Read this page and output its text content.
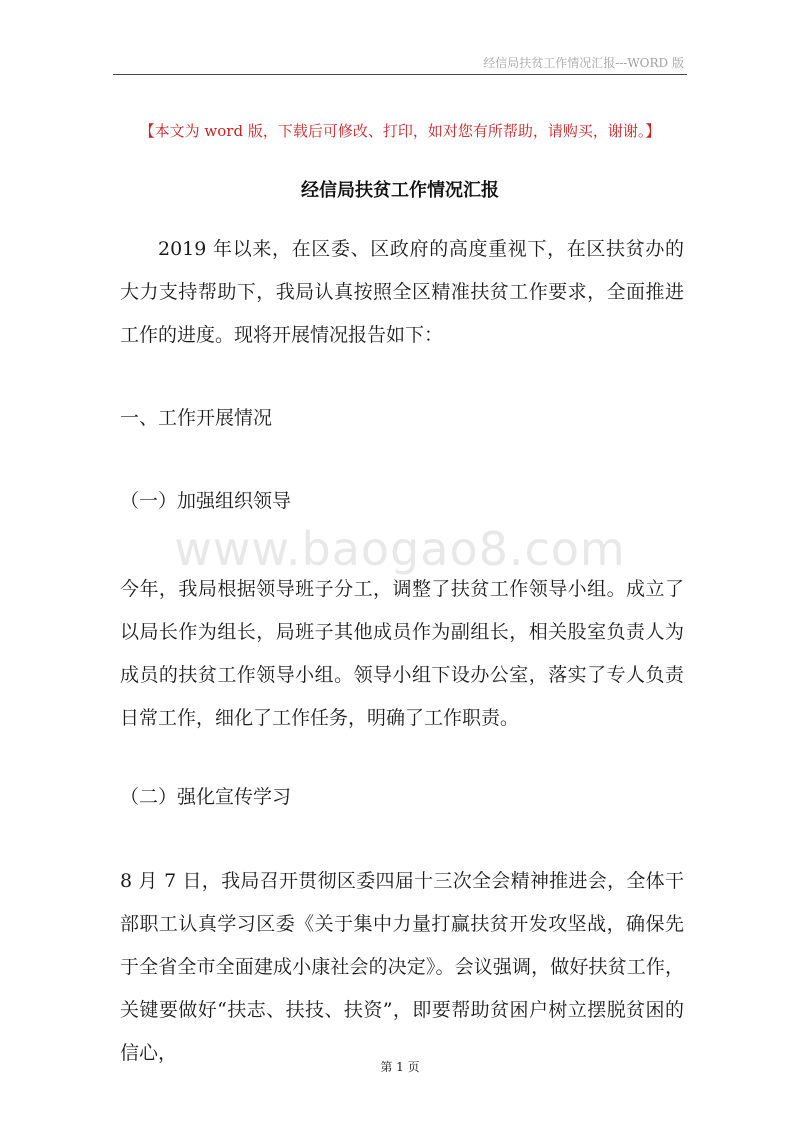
经信局扶贫工作情况汇报---WORD 版
【本文为 word 版，下载后可修改、打印，如对您有所帮助，请购买，谢谢。】
经信局扶贫工作情况汇报

2019 年以来，在区委、区政府的高度重视下，在区扶贫办的大力支持帮助下，我局认真按照全区精准扶贫工作要求，全面推进工作的进度。现将开展情况报告如下：

一、工作开展情况
（一）加强组织领导
www.baogao8.com

今年，我局根据领导班子分工，调整了扶贫工作领导小组。成立了以局长作为组长，局班子其他成员作为副组长，相关股室负责人为成员的扶贫工作领导小组。领导小组下设办公室，落实了专人负责日常工作，细化了工作任务，明确了工作职责。

（二）强化宣传学习

8 月 7 日，我局召开贯彻区委四届十三次全会精神推进会，全体干部职工认真学习区委《关于集中力量打赢扶贫开发攻坚战，确保先于全省全市全面建成小康社会的决定》。会议强调，做好扶贫工作，关键要做好“扶志、扶技、扶资”，即要帮助贫困户树立摆脱贫困的信心，

第 1 页
